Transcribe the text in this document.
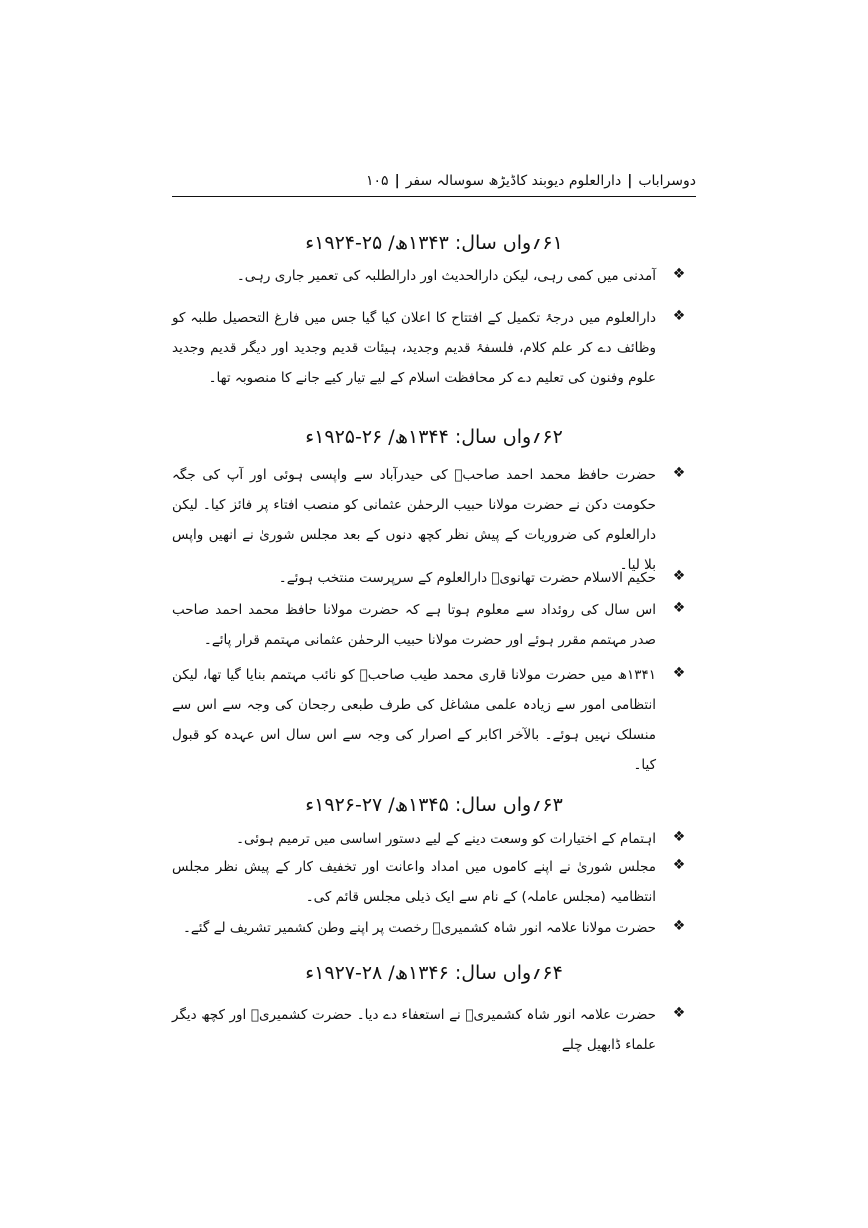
دوسراباب|دارالعلوم دیوبند کاڈیڑھ سوسالہ سفر|۱۰۵
۶۱؍واں سال: ۱۳۴۳ھ/ ۲۵-۱۹۲۴ء
❖
آمدنی میں کمی رہی، لیکن دارالحدیث اور دارالطلبہ کی تعمیر جاری رہی۔
❖
دارالعلوم میں درجۂ تکمیل کے افتتاح کا اعلان کیا گیا جس میں فارغ التحصیل طلبہ کو وظائف دے کر علم کلام، فلسفۂ قدیم وجدید، ہیئات قدیم وجدید اور دیگر قدیم وجدید علوم وفنون کی تعلیم دے کر محافظت اسلام کے لیے تیار کیے جانے کا منصوبہ تھا۔
۶۲؍واں سال: ۱۳۴۴ھ/ ۲۶-۱۹۲۵ء
❖
حضرت حافظ محمد احمد صاحبؒ کی حیدرآباد سے واپسی ہوئی اور آپ کی جگہ حکومت دکن نے حضرت مولانا حبیب الرحمٰن عثمانی کو منصب افتاء پر فائز کیا۔ لیکن دارالعلوم کی ضروریات کے پیش نظر کچھ دنوں کے بعد مجلس شوریٰ نے انھیں واپس بلا لیا۔
❖
حکیم الاسلام حضرت تھانویؒ دارالعلوم کے سرپرست منتخب ہوئے۔
❖
اس سال کی روئداد سے معلوم ہوتا ہے کہ حضرت مولانا حافظ محمد احمد صاحب صدر مہتمم مقرر ہوئے اور حضرت مولانا حبیب الرحمٰن عثمانی مہتمم قرار پائے۔
❖
۱۳۴۱ھ میں حضرت مولانا قاری محمد طیب صاحبؒ کو نائب مہتمم بنایا گیا تھا، لیکن انتظامی امور سے زیادہ علمی مشاغل کی طرف طبعی رجحان کی وجہ سے اس سے منسلک نہیں ہوئے۔ بالآخر اکابر کے اصرار کی وجہ سے اس سال اس عہدہ کو قبول کیا۔
۶۳؍واں سال: ۱۳۴۵ھ/ ۲۷-۱۹۲۶ء
❖
اہتمام کے اختیارات کو وسعت دینے کے لیے دستور اساسی میں ترمیم ہوئی۔
❖
مجلس شوریٰ نے اپنے کاموں میں امداد واعانت اور تخفیف کار کے پیش نظر مجلس انتظامیہ (مجلس عاملہ) کے نام سے ایک ذیلی مجلس قائم کی۔
❖
حضرت مولانا علامہ انور شاہ کشمیریؒ رخصت پر اپنے وطن کشمیر تشریف لے گئے۔
۶۴؍واں سال: ۱۳۴۶ھ/ ۲۸-۱۹۲۷ء
❖
حضرت علامہ انور شاہ کشمیریؒ نے استعفاء دے دیا۔ حضرت کشمیریؒ اور کچھ دیگر علماء ڈابھیل چلے
